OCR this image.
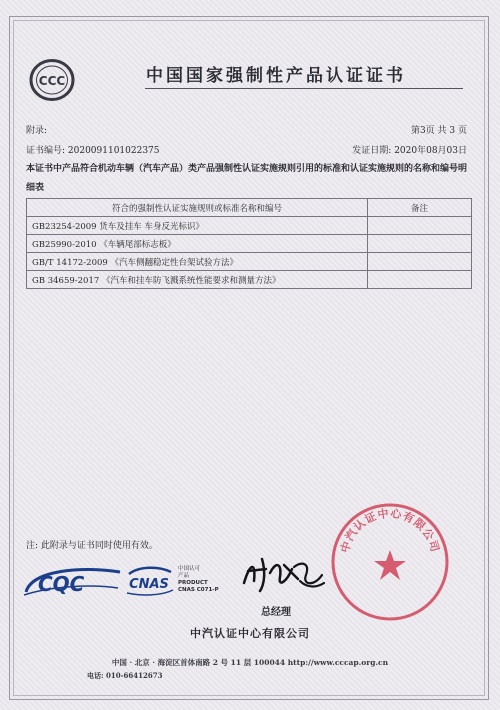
CCC	中国国家强制性产品认证证书
附录:	第3页 共 3 页
证书编号: 2020091101022375	发证日期: 2020年08月03日
本证书中产品符合机动车辆（汽车产品）类产品强制性认证实施规则引用的标准和认证实施规则的名称和编号明细表
符合的强制性认证实施规则或标准名称和编号	备注
GB23254-2009 货车及挂车 车身反光标识》	
GB25990-2010 《车辆尾部标志板》	
GB/T 14172-2009 《汽车侧翻稳定性台架试验方法》	
GB 34659-2017 《汽车和挂车防飞溅系统性能要求和测量方法》	
注: 此附录与证书同时使用有效。
CQC	CNAS
中国认可
产品
PRODUCT
CNAS C071-P
总经理
中汽认证中心有限公司
中汽认证中心有限公司
中国 · 北京 · 海淀区首体南路 2 号 11 层 100044 http://www.cccap.org.cn
电话: 010-66412673
